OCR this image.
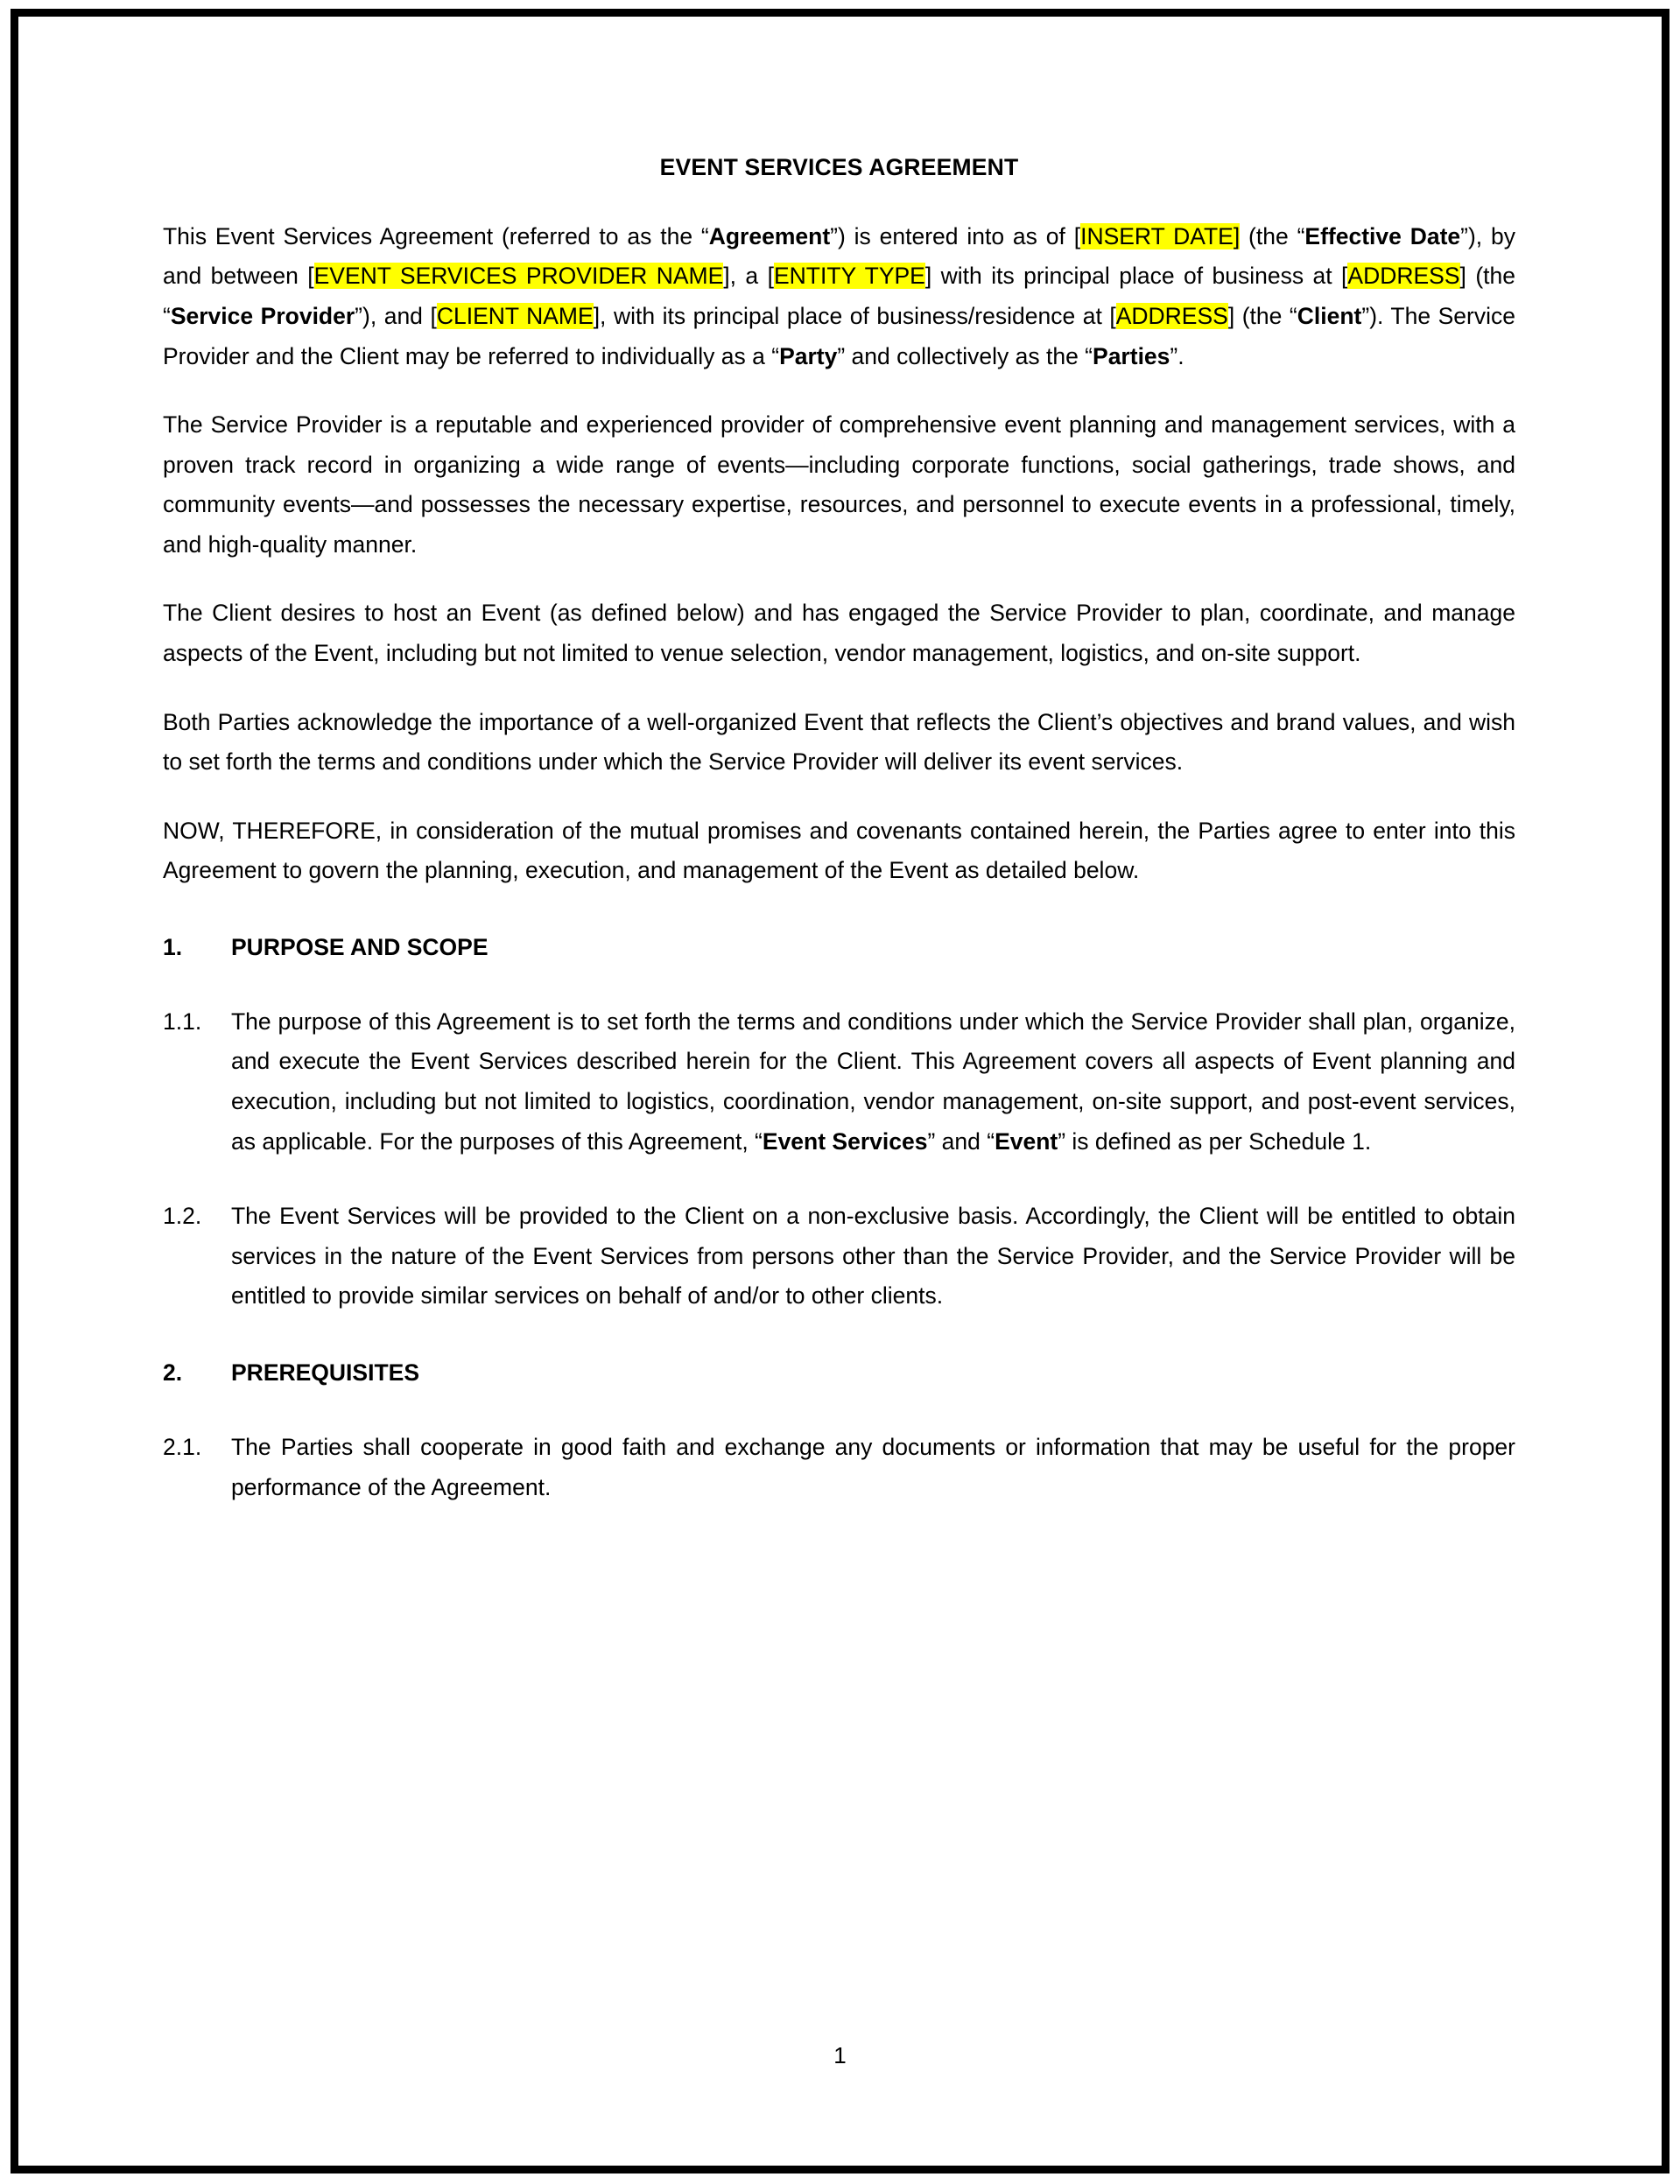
EVENT SERVICES AGREEMENT

This Event Services Agreement (referred to as the “Agreement”) is entered into as of [INSERT DATE] (the “Effective Date”), by and between [EVENT SERVICES PROVIDER NAME], a [ENTITY TYPE] with its principal place of business at [ADDRESS] (the “Service Provider”), and [CLIENT NAME], with its principal place of business/residence at [ADDRESS] (the “Client”). The Service Provider and the Client may be referred to individually as a “Party” and collectively as the “Parties”.

The Service Provider is a reputable and experienced provider of comprehensive event planning and management services, with a proven track record in organizing a wide range of events—including corporate functions, social gatherings, trade shows, and community events—and possesses the necessary expertise, resources, and personnel to execute events in a professional, timely, and high-quality manner.

The Client desires to host an Event (as defined below) and has engaged the Service Provider to plan, coordinate, and manage aspects of the Event, including but not limited to venue selection, vendor management, logistics, and on-site support.

Both Parties acknowledge the importance of a well-organized Event that reflects the Client’s objectives and brand values, and wish to set forth the terms and conditions under which the Service Provider will deliver its event services.

NOW, THEREFORE, in consideration of the mutual promises and covenants contained herein, the Parties agree to enter into this Agreement to govern the planning, execution, and management of the Event as detailed below.

1.	PURPOSE AND SCOPE
1.1.	The purpose of this Agreement is to set forth the terms and conditions under which the Service Provider shall plan, organize, and execute the Event Services described herein for the Client. This Agreement covers all aspects of Event planning and execution, including but not limited to logistics, coordination, vendor management, on-site support, and post-event services, as applicable. For the purposes of this Agreement, “Event Services” and “Event” is defined as per Schedule 1.
1.2.	The Event Services will be provided to the Client on a non-exclusive basis. Accordingly, the Client will be entitled to obtain services in the nature of the Event Services from persons other than the Service Provider, and the Service Provider will be entitled to provide similar services on behalf of and/or to other clients.
2.	PREREQUISITES
2.1.	The Parties shall cooperate in good faith and exchange any documents or information that may be useful for the proper performance of the Agreement.
1
